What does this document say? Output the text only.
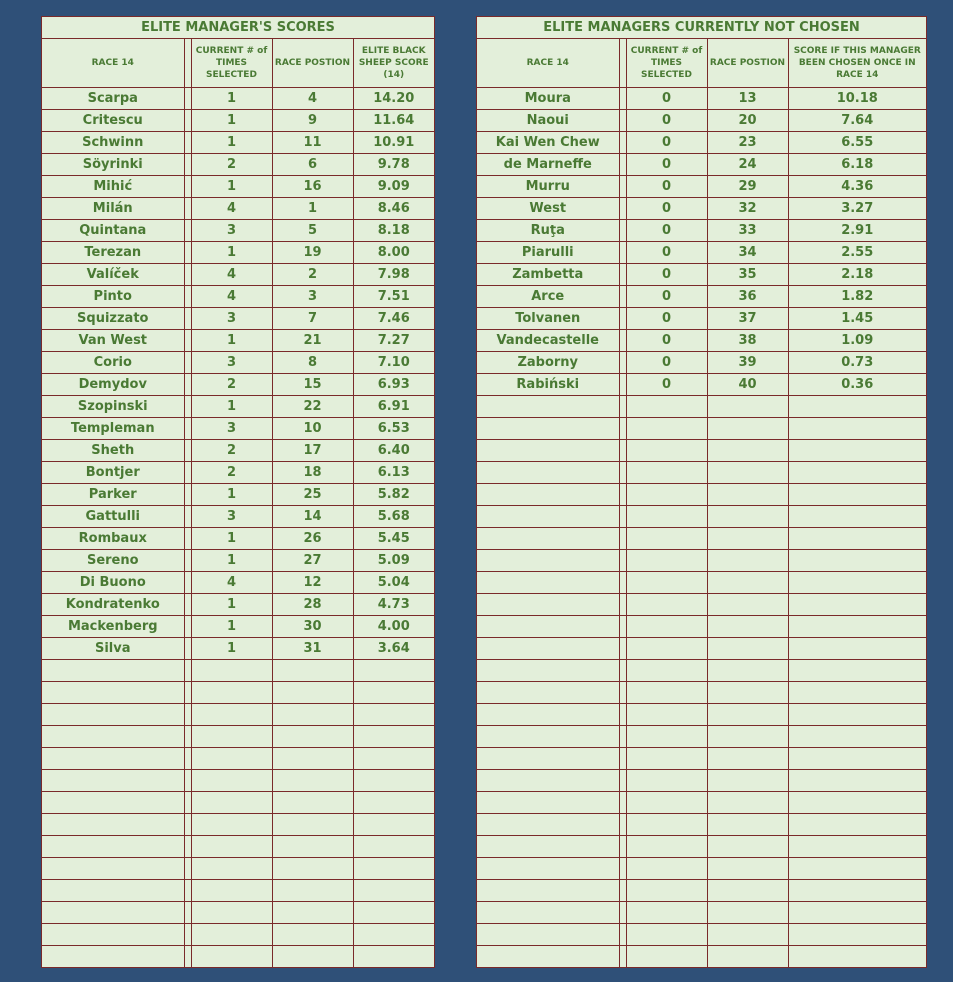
ELITE MANAGER'S SCORES
RACE 14		CURRENT # of TIMES SELECTED	RACE POSTION	ELITE BLACK SHEEP SCORE (14)
Scarpa		1	4	14.20
Critescu		1	9	11.64
Schwinn		1	11	10.91
Söyrinki		2	6	9.78
Mihić		1	16	9.09
Milán		4	1	8.46
Quintana		3	5	8.18
Terezan		1	19	8.00
Valíček		4	2	7.98
Pinto		4	3	7.51
Squizzato		3	7	7.46
Van West		1	21	7.27
Corio		3	8	7.10
Demydov		2	15	6.93
Szopinski		1	22	6.91
Templeman		3	10	6.53
Sheth		2	17	6.40
Bontjer		2	18	6.13
Parker		1	25	5.82
Gattulli		3	14	5.68
Rombaux		1	26	5.45
Sereno		1	27	5.09
Di Buono		4	12	5.04
Kondratenko		1	28	4.73
Mackenberg		1	30	4.00
Silva		1	31	3.64

ELITE MANAGERS CURRENTLY NOT CHOSEN
RACE 14		CURRENT # of TIMES SELECTED	RACE POSTION	SCORE IF THIS MANAGER BEEN CHOSEN ONCE IN RACE 14
Moura		0	13	10.18
Naoui		0	20	7.64
Kai Wen Chew		0	23	6.55
de Marneffe		0	24	6.18
Murru		0	29	4.36
West		0	32	3.27
Ruţa		0	33	2.91
Piarulli		0	34	2.55
Zambetta		0	35	2.18
Arce		0	36	1.82
Tolvanen		0	37	1.45
Vandecastelle		0	38	1.09
Zaborny		0	39	0.73
Rabiński		0	40	0.36
